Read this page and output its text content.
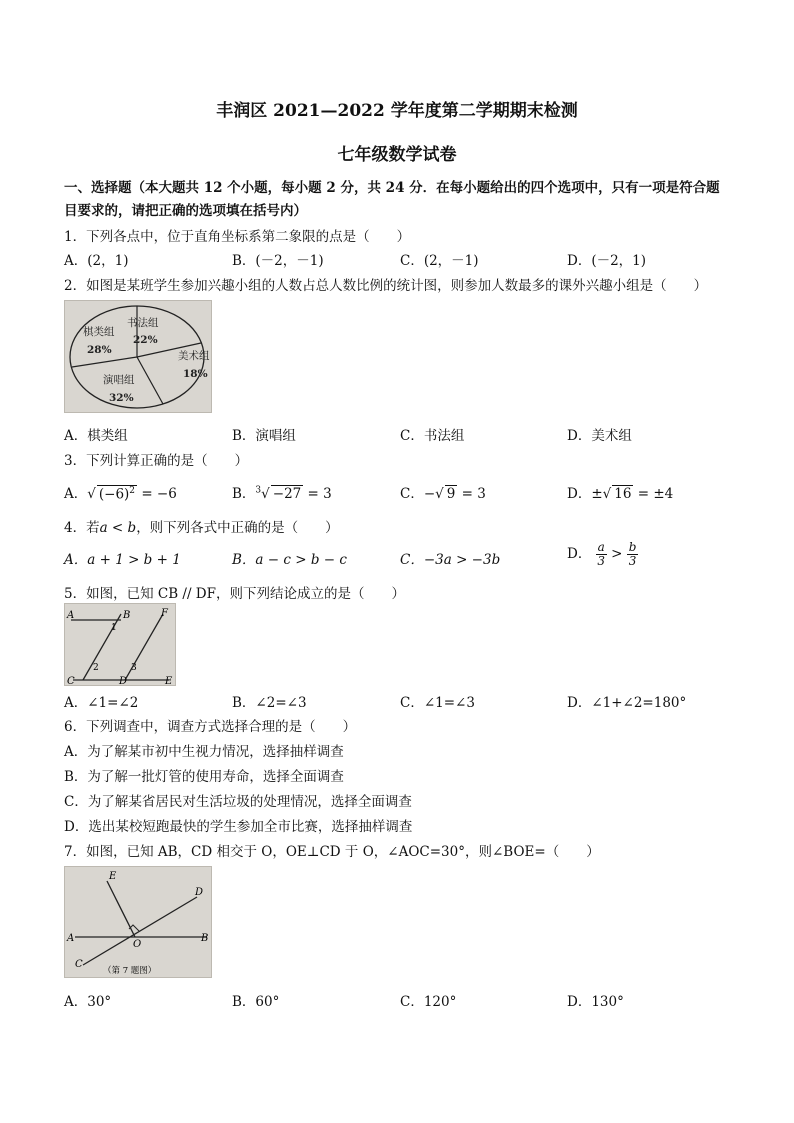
丰润区 2021—2022 学年度第二学期期末检测
七年级数学试卷
一、选择题（本大题共 12 个小题，每小题 2 分，共 24 分．在每小题给出的四个选项中，只有一项是符合题
目要求的，请把正确的选项填在括号内）
1．下列各点中，位于直角坐标系第二象限的点是（　　）
A．(2，1)	B．(－2，－1)	C．(2，－1)	D．(－2，1)
2．如图是某班学生参加兴趣小组的人数占总人数比例的统计图，则参加人数最多的课外兴趣小组是（　　）
棋类组
28%
书法组
22%
美术组
18%
演唱组
32%
A．棋类组	B．演唱组	C．书法组	D．美术组
3．下列计算正确的是（　　）
A．√ $(-6)^2 = -6$	B．$^3$√ −27 = 3	C．−√ 9 = 3	D．±√ 16 = ±4
4．若a < b，则下列各式中正确的是（　　）
A．a + 1 > b + 1	B．a − c > b − c	C．−3a > −3b	D． $\frac{a}{3} > \frac{b}{3}$
5．如图，已知 CB // DF，则下列结论成立的是（　　）
A	B	F
1
2	3
C	D	E
A．∠1=∠2	B．∠2=∠3	C．∠1=∠3	D．∠1+∠2=180°
6．下列调查中，调查方式选择合理的是（　　）
A．为了解某市初中生视力情况，选择抽样调查
B．为了解一批灯管的使用寿命，选择全面调查
C．为了解某省居民对生活垃圾的处理情况，选择全面调查
D．选出某校短跑最快的学生参加全市比赛，选择抽样调查
7．如图，已知 AB，CD 相交于 O，OE⊥CD 于 O，∠AOC=30°，则∠BOE=（　　）
E
D
A	B
O
C
（第 7 题图）
A．30°	B．60°	C．120°	D．130°
